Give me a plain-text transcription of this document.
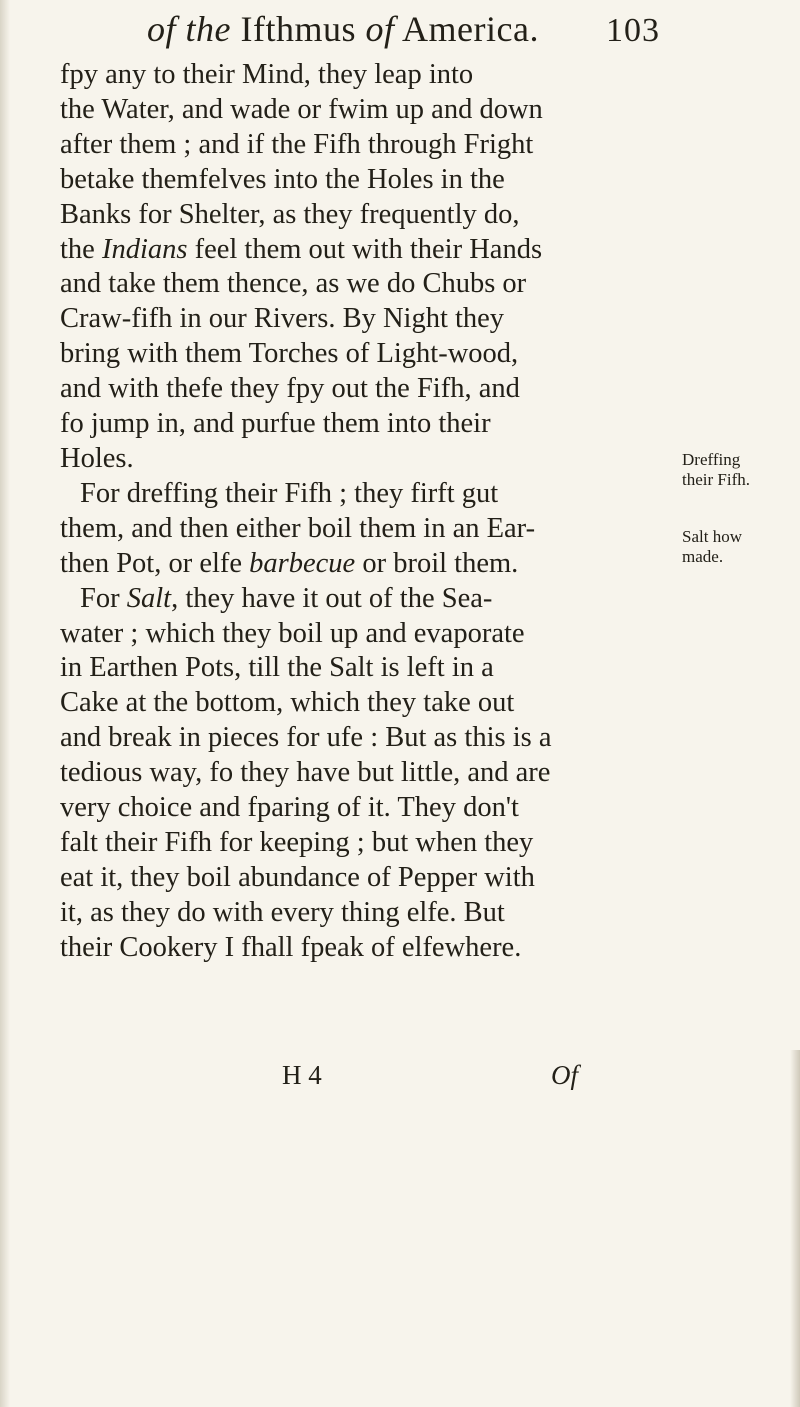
of the Ifthmus of America.	103
fpy any to their Mind, they leap into
the Water, and wade or fwim up and down
after them ; and if the Fifh through Fright
betake themfelves into the Holes in the
Banks for Shelter, as they frequently do,
the Indians feel them out with their Hands
and take them thence, as we do Chubs or
Craw-fifh in our Rivers. By Night they
bring with them Torches of Light-wood,
and with thefe they fpy out the Fifh, and
fo jump in, and purfue them into their
Holes.
For dreffing their Fifh ; they firft gut
them, and then either boil them in an Ear-
then Pot, or elfe barbecue or broil them.
For Salt, they have it out of the Sea-
water ; which they boil up and evaporate
in Earthen Pots, till the Salt is left in a
Cake at the bottom, which they take out
and break in pieces for ufe : But as this is a
tedious way, fo they have but little, and are
very choice and fparing of it. They don't
falt their Fifh for keeping ; but when they
eat it, they boil abundance of Pepper with
it, as they do with every thing elfe. But
their Cookery I fhall fpeak of elfewhere.
Dreffing
their Fifh.
Salt how
made.
H 4	Of
